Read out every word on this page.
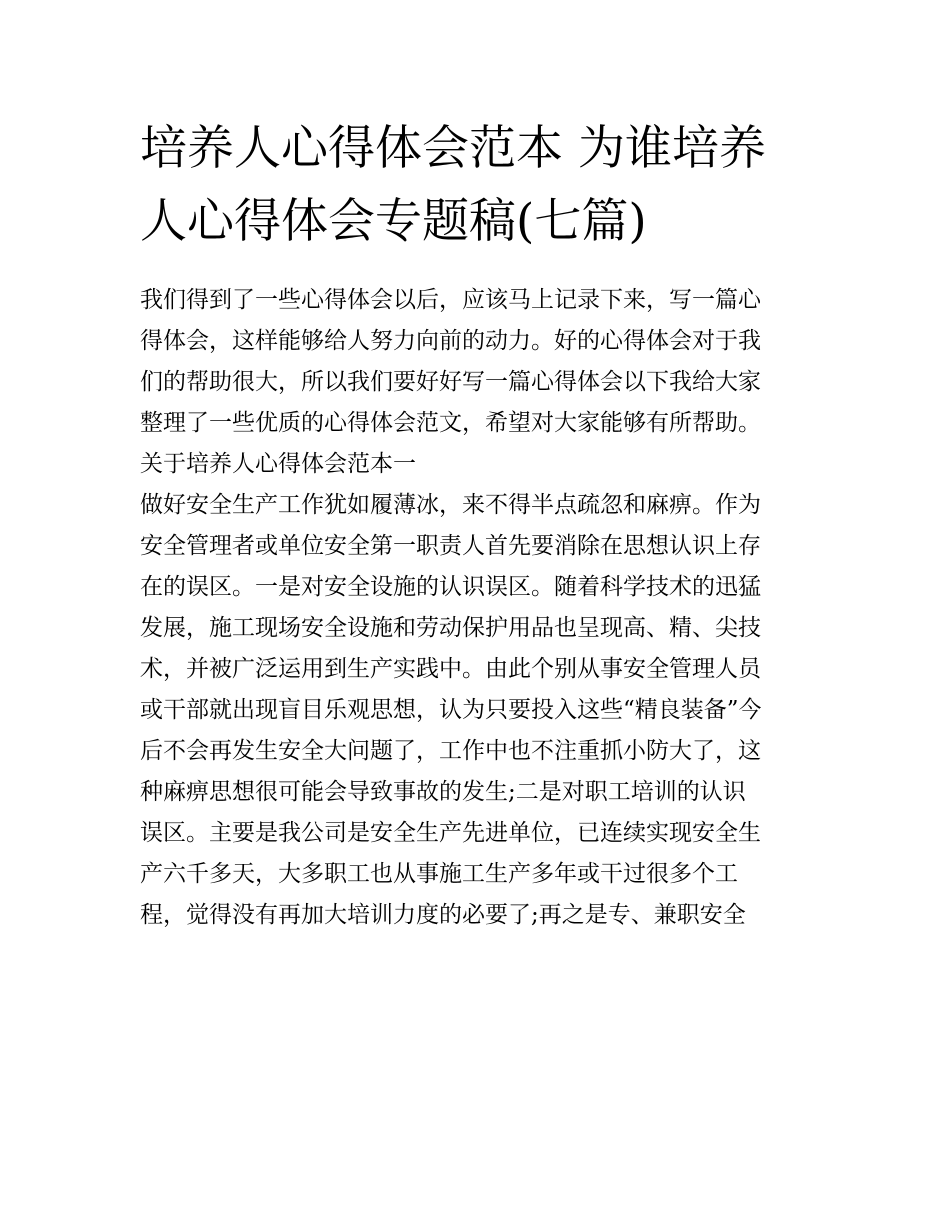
培养人心得体会范本 为谁培养
人心得体会专题稿(七篇)
我们得到了一些心得体会以后，应该马上记录下来，写一篇心
得体会，这样能够给人努力向前的动力。好的心得体会对于我
们的帮助很大，所以我们要好好写一篇心得体会以下我给大家
整理了一些优质的心得体会范文，希望对大家能够有所帮助。
关于培养人心得体会范本一
做好安全生产工作犹如履薄冰，来不得半点疏忽和麻痹。作为
安全管理者或单位安全第一职责人首先要消除在思想认识上存
在的误区。一是对安全设施的认识误区。随着科学技术的迅猛
发展，施工现场安全设施和劳动保护用品也呈现高、精、尖技
术，并被广泛运用到生产实践中。由此个别从事安全管理人员
或干部就出现盲目乐观思想，认为只要投入这些“精良装备”今
后不会再发生安全大问题了，工作中也不注重抓小防大了，这
种麻痹思想很可能会导致事故的发生;二是对职工培训的认识
误区。主要是我公司是安全生产先进单位，已连续实现安全生
产六千多天，大多职工也从事施工生产多年或干过很多个工
程，觉得没有再加大培训力度的必要了;再之是专、兼职安全
